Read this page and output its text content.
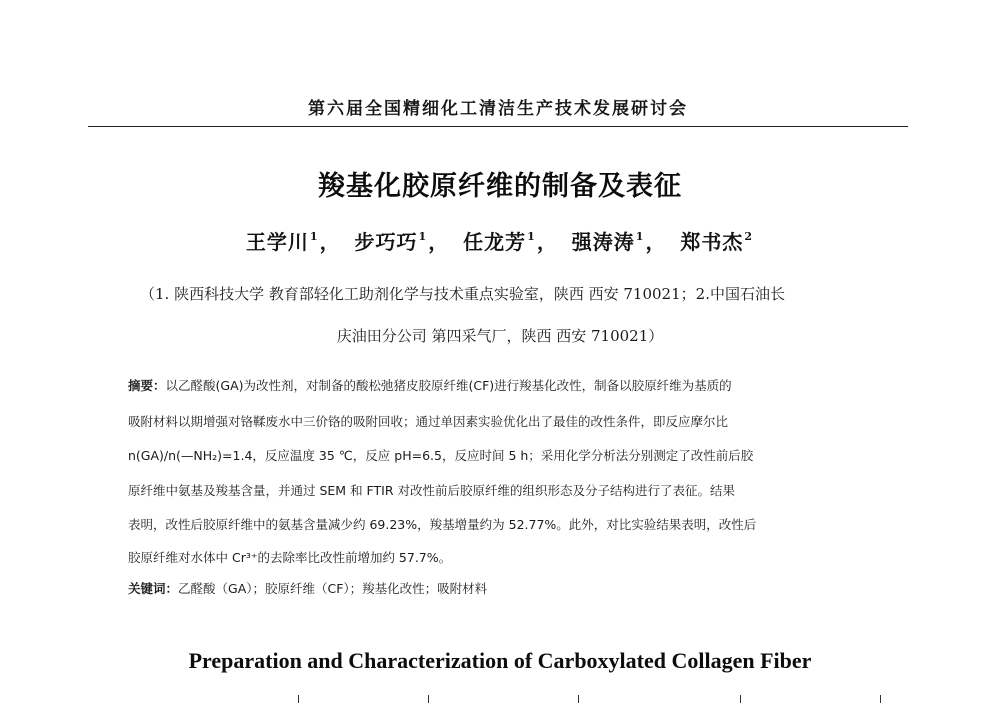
第六届全国精细化工清洁生产技术发展研讨会
羧基化胶原纤维的制备及表征
王学川$^1$， 步巧巧$^1$， 任龙芳$^1$， 强涛涛$^1$， 郑书杰$^2$
（1. 陕西科技大学 教育部轻化工助剂化学与技术重点实验室，陕西 西安 710021；2.中国石油长
庆油田分公司 第四采气厂，陕西 西安 710021）
摘要：以乙醛酸(GA)为改性剂，对制备的酸松弛猪皮胶原纤维(CF)进行羧基化改性，制备以胶原纤维为基质的
吸附材料以期增强对铬鞣废水中三价铬的吸附回收；通过单因素实验优化出了最佳的改性条件，即反应摩尔比
n(GA)/n(—NH₂)=1.4，反应温度 35 ℃，反应 pH=6.5，反应时间 5 h；采用化学分析法分别测定了改性前后胶
原纤维中氨基及羧基含量，并通过 SEM 和 FTIR 对改性前后胶原纤维的组织形态及分子结构进行了表征。结果
表明，改性后胶原纤维中的氨基含量减少约 69.23%，羧基增量约为 52.77%。此外，对比实验结果表明，改性后
胶原纤维对水体中 Cr³⁺的去除率比改性前增加约 57.7%。
关键词：乙醛酸（GA）；胶原纤维（CF）；羧基化改性；吸附材料
Preparation and Characterization of Carboxylated Collagen Fiber
